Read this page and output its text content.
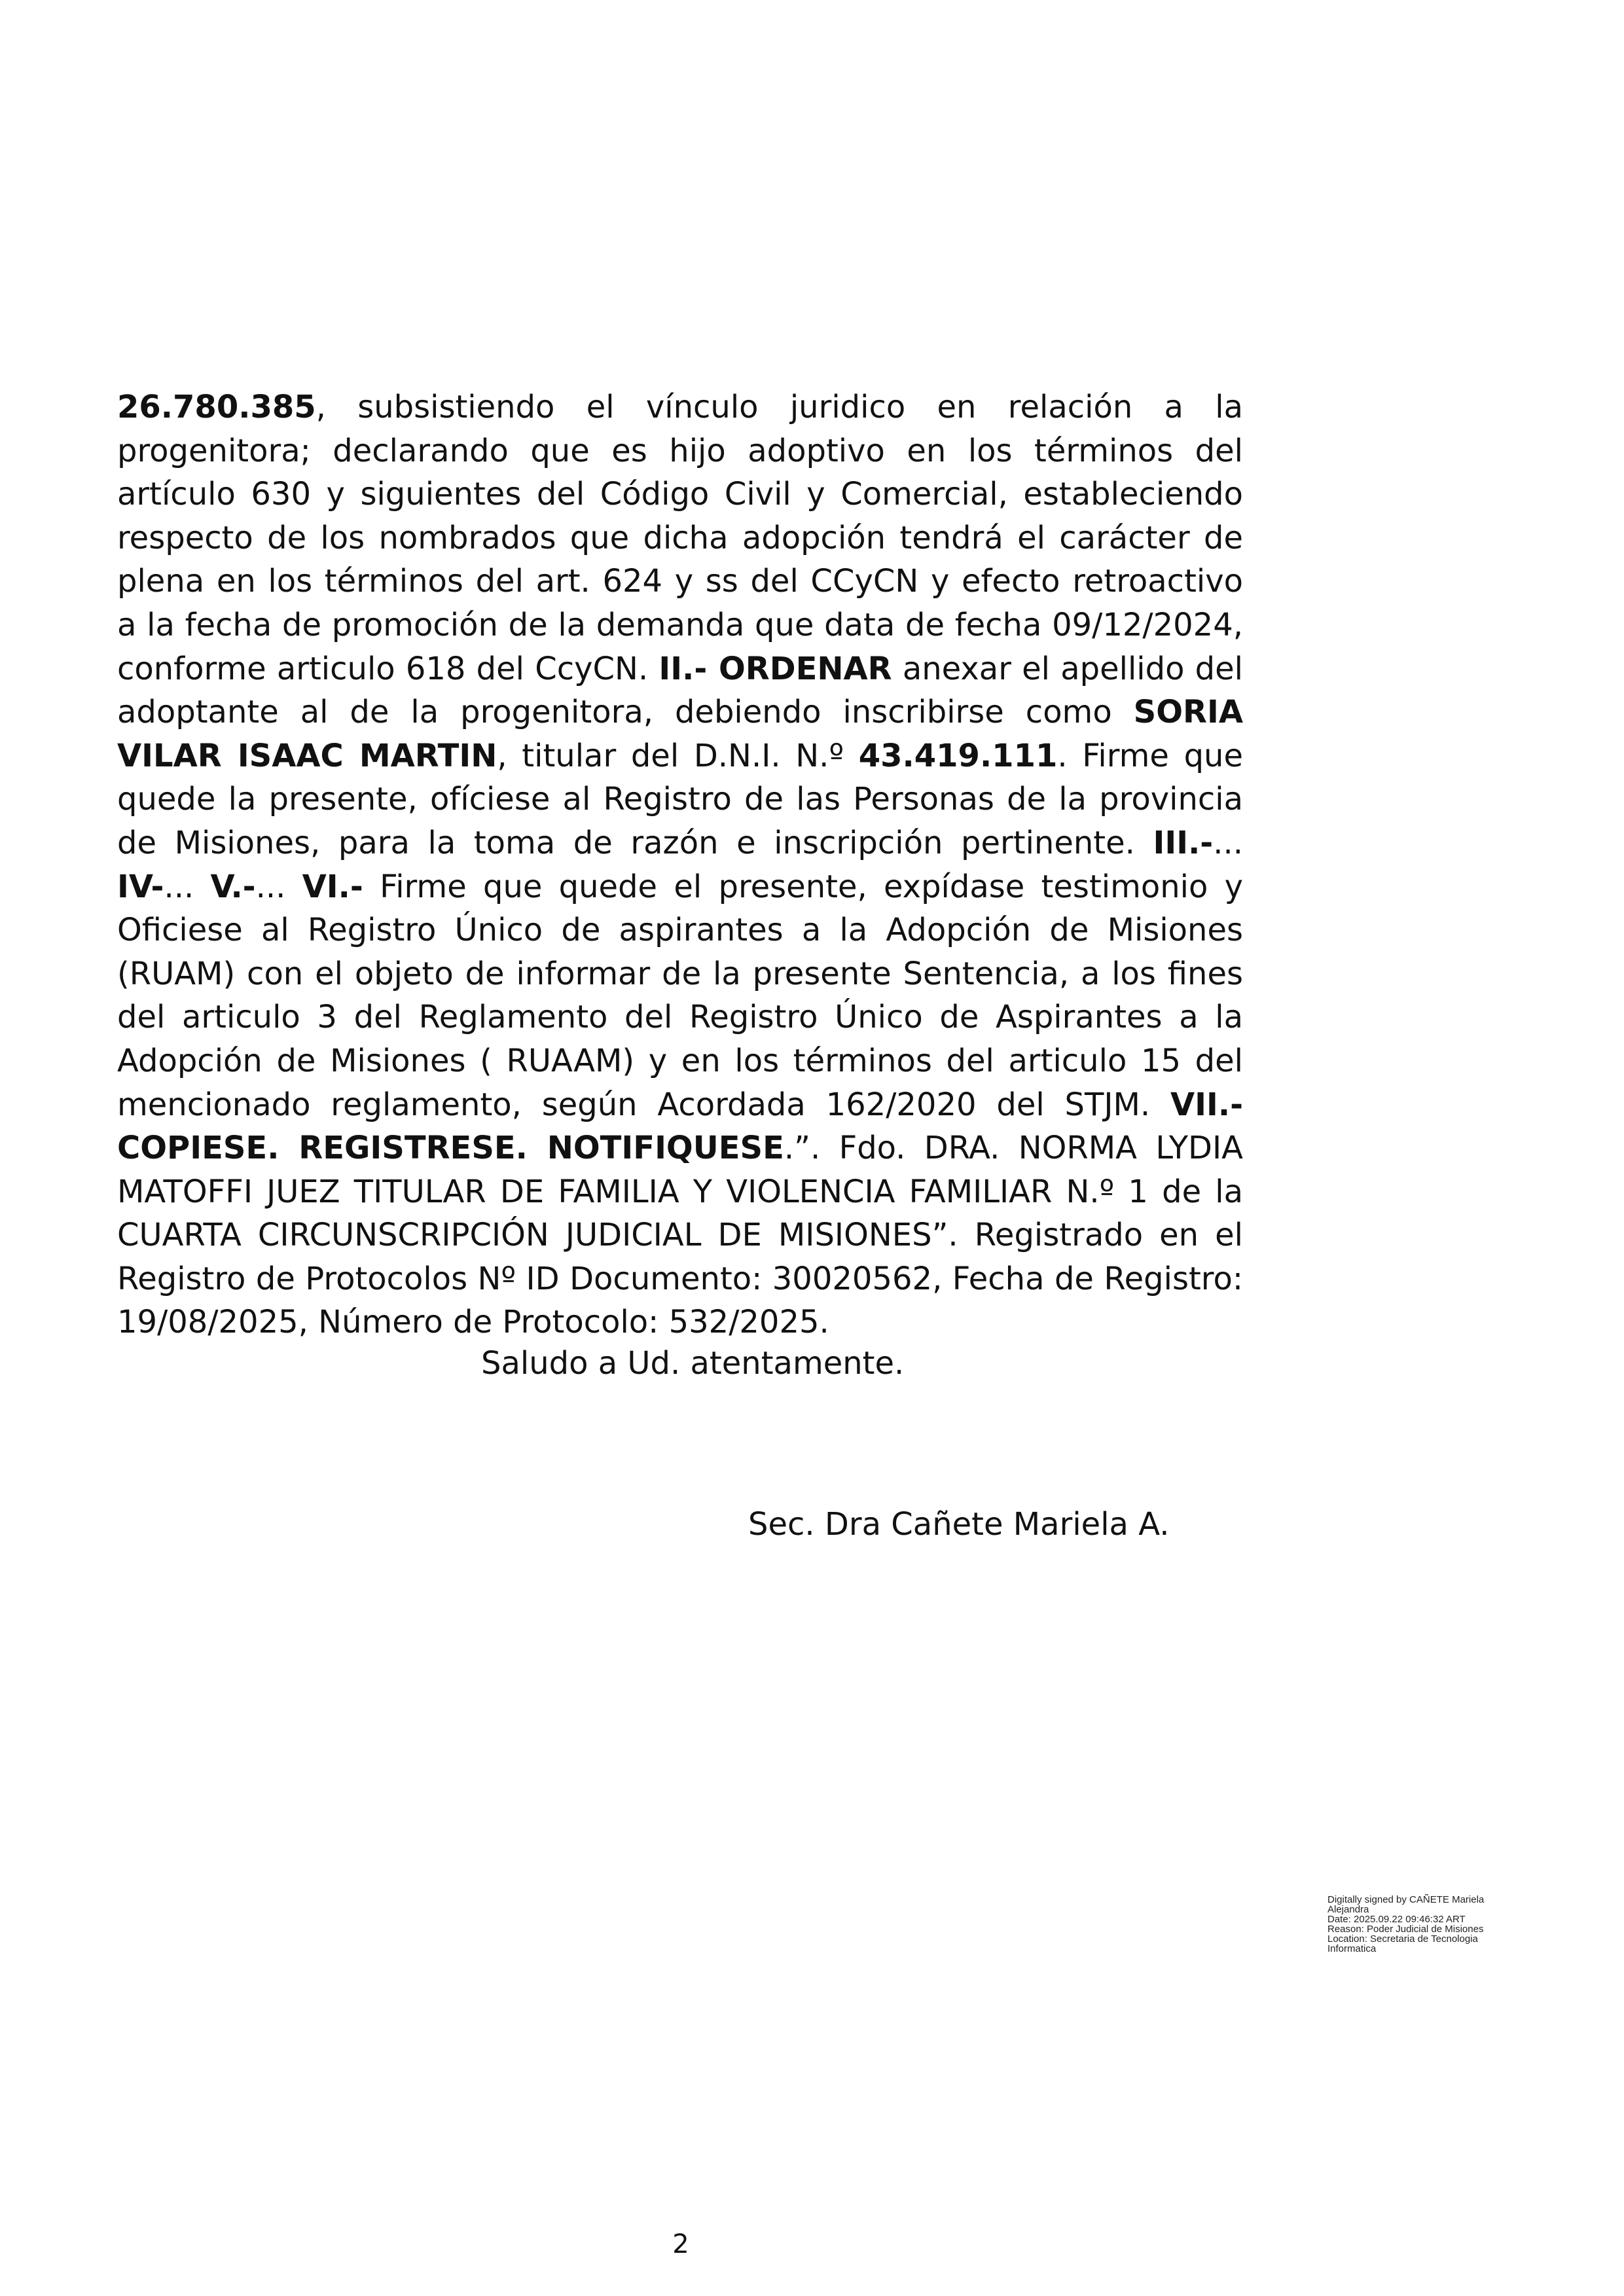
26.780.385, subsistiendo el vínculo juridico en relación a la progenitora; declarando que es hijo adoptivo en los términos del artículo 630 y siguientes del Código Civil y Comercial, estableciendo respecto de los nombrados que dicha adopción tendrá el carácter de plena en los términos del art. 624 y ss del CCyCN y efecto retroactivo a la fecha de promoción de la demanda que data de fecha 09/12/2024, conforme articulo 618 del CcyCN. II.- ORDENAR anexar el apellido del adoptante al de la progenitora, debiendo inscribirse como SORIA VILAR ISAAC MARTIN, titular del D.N.I. N.º 43.419.111. Firme que quede la presente, ofíciese al Registro de las Personas de la provincia de Misiones, para la toma de razón e inscripción pertinente. III.-... IV-... V.-... VI.- Firme que quede el presente, expídase testimonio y Oficiese al Registro Único de aspirantes a la Adopción de Misiones (RUAM) con el objeto de informar de la presente Sentencia, a los fines del articulo 3 del Reglamento del Registro Único de Aspirantes a la Adopción de Misiones ( RUAAM) y en los términos del articulo 15 del mencionado reglamento, según Acordada 162/2020 del STJM. VII.- COPIESE. REGISTRESE. NOTIFIQUESE.”. Fdo. DRA. NORMA LYDIA MATOFFI JUEZ TITULAR DE FAMILIA Y VIOLENCIA FAMILIAR N.º 1 de la CUARTA CIRCUNSCRIPCIÓN JUDICIAL DE MISIONES”. Registrado en el Registro de Protocolos Nº ID Documento: 30020562, Fecha de Registro: 19/08/2025, Número de Protocolo: 532/2025.

Saludo a Ud. atentamente.

Sec. Dra Cañete Mariela A.

Digitally signed by CAÑETE Mariela
Alejandra
Date: 2025.09.22 09:46:32 ART
Reason: Poder Judicial de Misiones
Location: Secretaria de Tecnologia
Informatica

2
